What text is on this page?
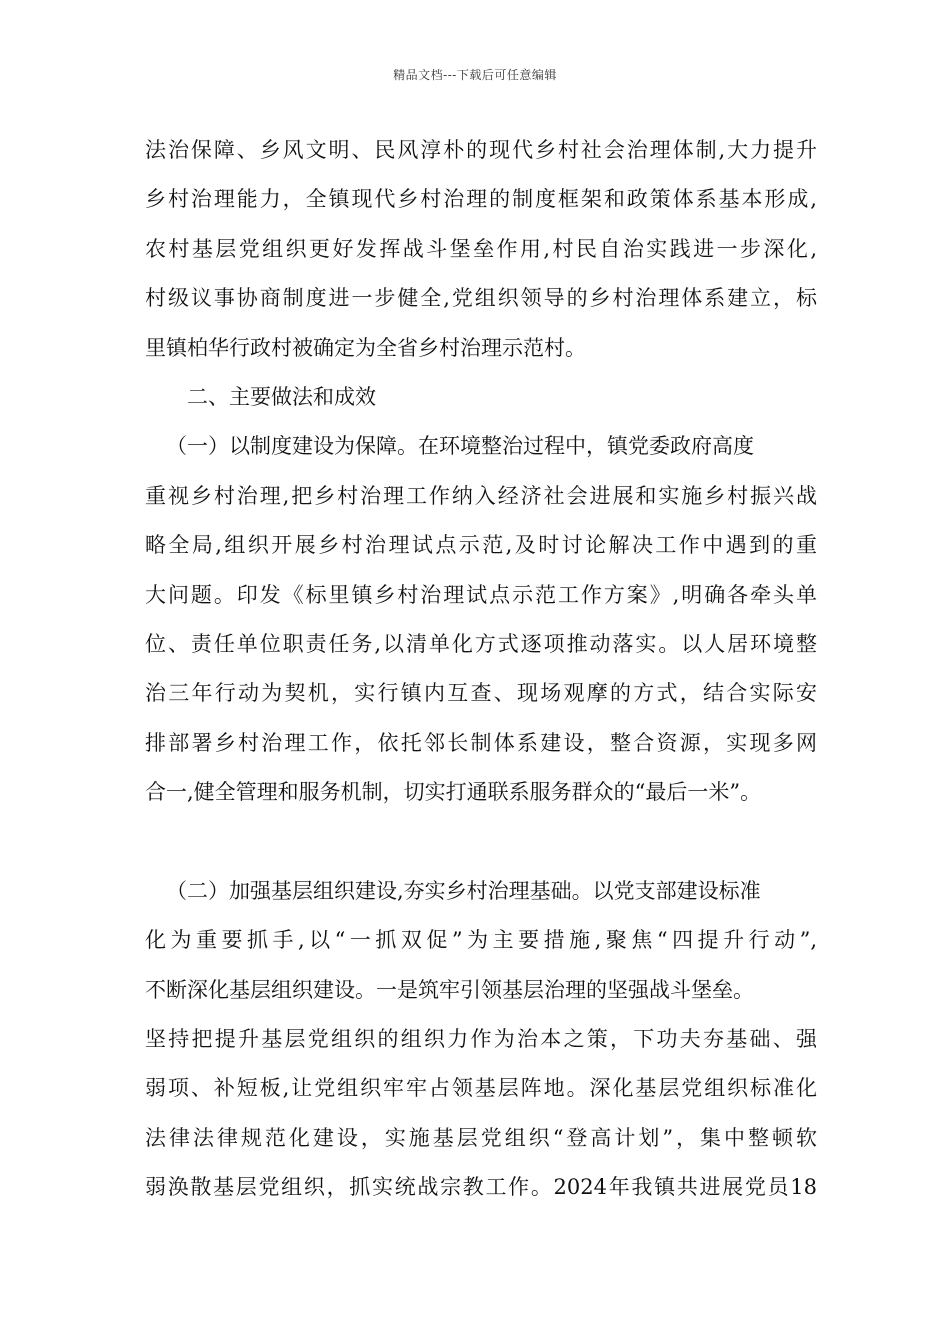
精品文档---下载后可任意编辑
法治保障、乡风文明、民风淳朴的现代乡村社会治理体制,大力提升
乡村治理能力，全镇现代乡村治理的制度框架和政策体系基本形成,
农村基层党组织更好发挥战斗堡垒作用,村民自治实践进一步深化,
村级议事协商制度进一步健全,党组织领导的乡村治理体系建立，标
里镇柏华行政村被确定为全省乡村治理示范村。
二、主要做法和成效
（一）以制度建设为保障。在环境整治过程中，镇党委政府高度
重视乡村治理,把乡村治理工作纳入经济社会进展和实施乡村振兴战
略全局,组织开展乡村治理试点示范,及时讨论解决工作中遇到的重
大问题。印发《标里镇乡村治理试点示范工作方案》,明确各牵头单
位、责任单位职责任务,以清单化方式逐项推动落实。以人居环境整
治三年行动为契机，实行镇内互查、现场观摩的方式，结合实际安
排部署乡村治理工作，依托邻长制体系建设，整合资源，实现多网
合一,健全管理和服务机制，切实打通联系服务群众的“最后一米”。
（二）加强基层组织建设,夯实乡村治理基础。以党支部建设标准
化为重要抓手,以“一抓双促”为主要措施,聚焦“四提升行动”,
不断深化基层组织建设。一是筑牢引领基层治理的坚强战斗堡垒。
坚持把提升基层党组织的组织力作为治本之策，下功夫夯基础、强
弱项、补短板,让党组织牢牢占领基层阵地。深化基层党组织标准化
法律法律规范化建设，实施基层党组织“登高计划”，集中整顿软
弱涣散基层党组织，抓实统战宗教工作。2024年我镇共进展党员18
